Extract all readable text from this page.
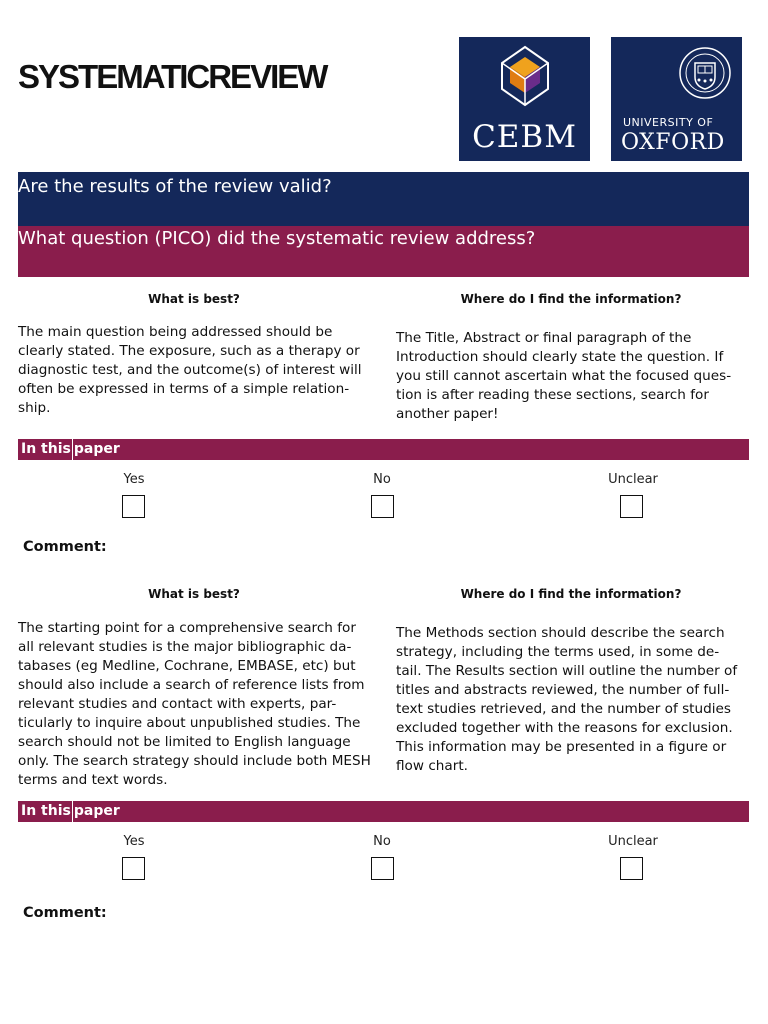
SYSTEMATICREVIEW
CEBM	UNIVERSITY OF
OXFORD
Are the results of the review valid?
What question (PICO) did the systematic review address?
What is best?	Where do I find the information?
The main question being addressed should be clearly stated. The exposure, such as a therapy or diagnostic test, and the outcome(s) of interest will often be expressed in terms of a simple relation- ship.
The Title, Abstract or final paragraph of the Introduction should clearly state the question. If you still cannot ascertain what the focused ques- tion is after reading these sections, search for another paper!
In this paper
Yes	No	Unclear
Comment:
What is best?	Where do I find the information?
The starting point for a comprehensive search for all relevant studies is the major bibliographic da- tabases (eg Medline, Cochrane, EMBASE, etc) but should also include a search of reference lists from relevant studies and contact with experts, par- ticularly to inquire about unpublished studies. The search should not be limited to English language only. The search strategy should include both MESH terms and text words.
The Methods section should describe the search strategy, including the terms used, in some de- tail. The Results section will outline the number of titles and abstracts reviewed, the number of full- text studies retrieved, and the number of studies excluded together with the reasons for exclusion. This information may be presented in a figure or flow chart.
In this paper
Yes	No	Unclear
Comment:
